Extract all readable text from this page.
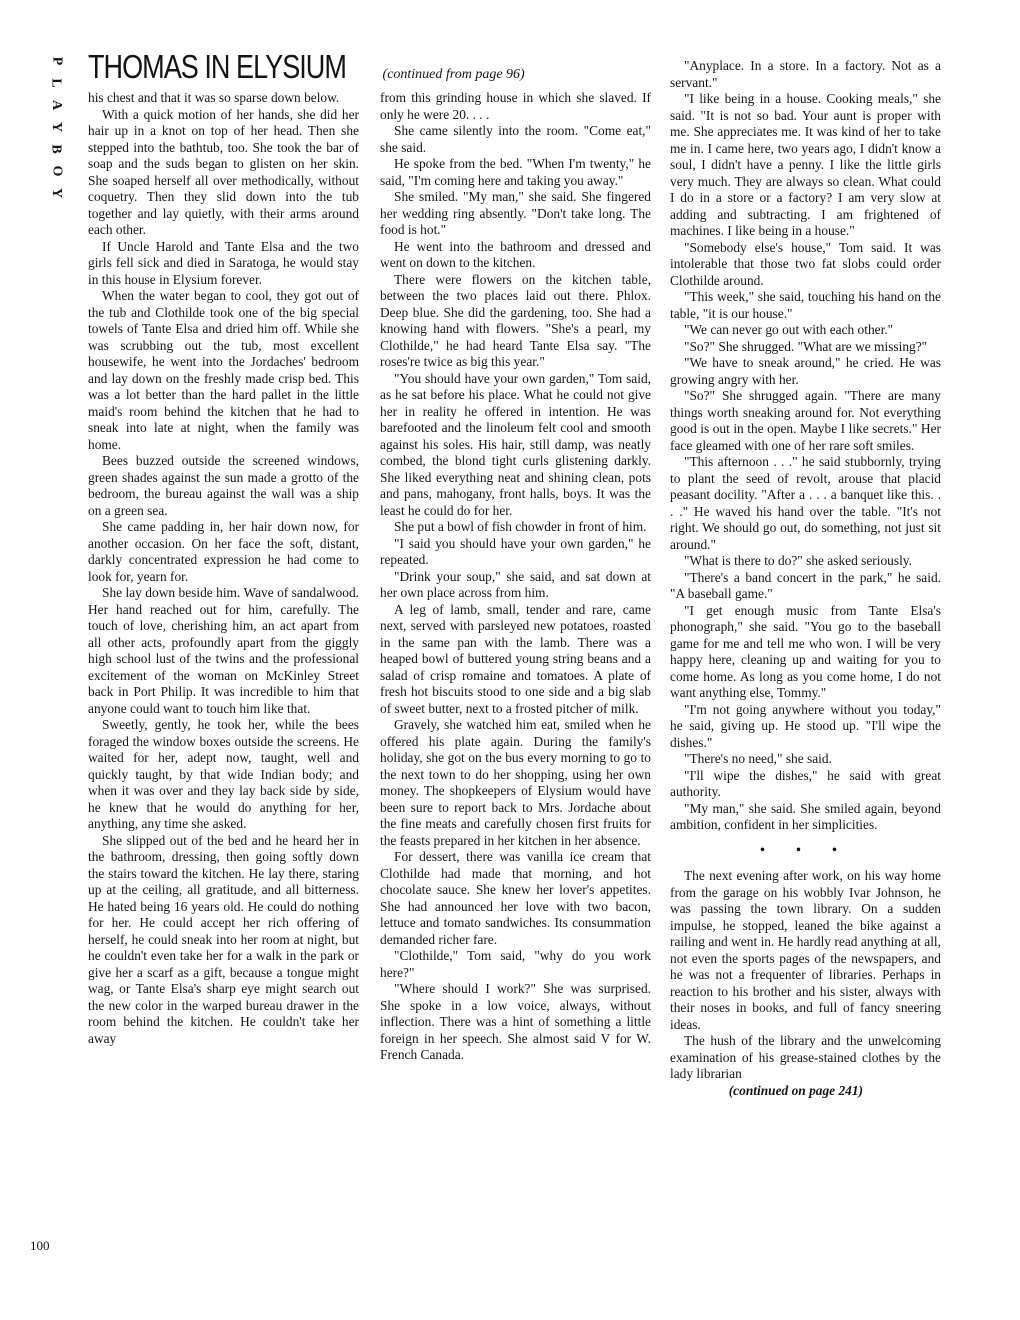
P
L
A
Y
B
O
Y
THOMAS IN ELYSIUM	(continued from page 96)

his chest and that it was so sparse down below.

With a quick motion of her hands, she did her hair up in a knot on top of her head. Then she stepped into the bathtub, too. She took the bar of soap and the suds began to glisten on her skin. She soaped herself all over methodically, without coquetry. Then they slid down into the tub together and lay quietly, with their arms around each other.

If Uncle Harold and Tante Elsa and the two girls fell sick and died in Saratoga, he would stay in this house in Elysium forever.

When the water began to cool, they got out of the tub and Clothilde took one of the big special towels of Tante Elsa and dried him off. While she was scrubbing out the tub, most excellent housewife, he went into the Jordaches' bedroom and lay down on the freshly made crisp bed. This was a lot better than the hard pallet in the little maid's room behind the kitchen that he had to sneak into late at night, when the family was home.

Bees buzzed outside the screened windows, green shades against the sun made a grotto of the bedroom, the bureau against the wall was a ship on a green sea.

She came padding in, her hair down now, for another occasion. On her face the soft, distant, darkly concentrated expression he had come to look for, yearn for.

She lay down beside him. Wave of sandalwood. Her hand reached out for him, carefully. The touch of love, cherishing him, an act apart from all other acts, profoundly apart from the giggly high school lust of the twins and the professional excitement of the woman on McKinley Street back in Port Philip. It was incredible to him that anyone could want to touch him like that.

Sweetly, gently, he took her, while the bees foraged the window boxes outside the screens. He waited for her, adept now, taught, well and quickly taught, by that wide Indian body; and when it was over and they lay back side by side, he knew that he would do anything for her, anything, any time she asked.

She slipped out of the bed and he heard her in the bathroom, dressing, then going softly down the stairs toward the kitchen. He lay there, staring up at the ceiling, all gratitude, and all bitterness. He hated being 16 years old. He could do nothing for her. He could accept her rich offering of herself, he could sneak into her room at night, but he couldn't even take her for a walk in the park or give her a scarf as a gift, because a tongue might wag, or Tante Elsa's sharp eye might search out the new color in the warped bureau drawer in the room behind the kitchen. He couldn't take her away

from this grinding house in which she slaved. If only he were 20. . . .

She came silently into the room. "Come eat," she said.

He spoke from the bed. "When I'm twenty," he said, "I'm coming here and taking you away."

She smiled. "My man," she said. She fingered her wedding ring absently. "Don't take long. The food is hot."

He went into the bathroom and dressed and went on down to the kitchen.

There were flowers on the kitchen table, between the two places laid out there. Phlox. Deep blue. She did the gardening, too. She had a knowing hand with flowers. "She's a pearl, my Clothilde," he had heard Tante Elsa say. "The roses're twice as big this year."

"You should have your own garden," Tom said, as he sat before his place. What he could not give her in reality he offered in intention. He was barefooted and the linoleum felt cool and smooth against his soles. His hair, still damp, was neatly combed, the blond tight curls glistening darkly. She liked everything neat and shining clean, pots and pans, mahogany, front halls, boys. It was the least he could do for her.

She put a bowl of fish chowder in front of him.

"I said you should have your own garden," he repeated.

"Drink your soup," she said, and sat down at her own place across from him.

A leg of lamb, small, tender and rare, came next, served with parsleyed new potatoes, roasted in the same pan with the lamb. There was a heaped bowl of buttered young string beans and a salad of crisp romaine and tomatoes. A plate of fresh hot biscuits stood to one side and a big slab of sweet butter, next to a frosted pitcher of milk.

Gravely, she watched him eat, smiled when he offered his plate again. During the family's holiday, she got on the bus every morning to go to the next town to do her shopping, using her own money. The shopkeepers of Elysium would have been sure to report back to Mrs. Jordache about the fine meats and carefully chosen first fruits for the feasts prepared in her kitchen in her absence.

For dessert, there was vanilla ice cream that Clothilde had made that morning, and hot chocolate sauce. She knew her lover's appetites. She had announced her love with two bacon, lettuce and tomato sandwiches. Its consummation demanded richer fare.

"Clothilde," Tom said, "why do you work here?"

"Where should I work?" She was surprised. She spoke in a low voice, always, without inflection. There was a hint of something a little foreign in her speech. She almost said V for W. French Canada.

"Anyplace. In a store. In a factory. Not as a servant."

"I like being in a house. Cooking meals," she said. "It is not so bad. Your aunt is proper with me. She appreciates me. It was kind of her to take me in. I came here, two years ago, I didn't know a soul, I didn't have a penny. I like the little girls very much. They are always so clean. What could I do in a store or a factory? I am very slow at adding and subtracting. I am frightened of machines. I like being in a house."

"Somebody else's house," Tom said. It was intolerable that those two fat slobs could order Clothilde around.

"This week," she said, touching his hand on the table, "it is our house."

"We can never go out with each other."

"So?" She shrugged. "What are we missing?"

"We have to sneak around," he cried. He was growing angry with her.

"So?" She shrugged again. "There are many things worth sneaking around for. Not everything good is out in the open. Maybe I like secrets." Her face gleamed with one of her rare soft smiles.

"This afternoon . . ." he said stubbornly, trying to plant the seed of revolt, arouse that placid peasant docility. "After a . . . a banquet like this. . . ." He waved his hand over the table. "It's not right. We should go out, do something, not just sit around."

"What is there to do?" she asked seriously.

"There's a band concert in the park," he said. "A baseball game."

"I get enough music from Tante Elsa's phonograph," she said. "You go to the baseball game for me and tell me who won. I will be very happy here, cleaning up and waiting for you to come home. As long as you come home, I do not want anything else, Tommy."

"I'm not going anywhere without you today," he said, giving up. He stood up. "I'll wipe the dishes."

"There's no need," she said.

"I'll wipe the dishes," he said with great authority.

"My man," she said. She smiled again, beyond ambition, confident in her simplicities.

• • •

The next evening after work, on his way home from the garage on his wobbly Ivar Johnson, he was passing the town library. On a sudden impulse, he stopped, leaned the bike against a railing and went in. He hardly read anything at all, not even the sports pages of the newspapers, and he was not a frequenter of libraries. Perhaps in reaction to his brother and his sister, always with their noses in books, and full of fancy sneering ideas.

The hush of the library and the unwelcoming examination of his grease-stained clothes by the lady librarian

(continued on page 241)
100
